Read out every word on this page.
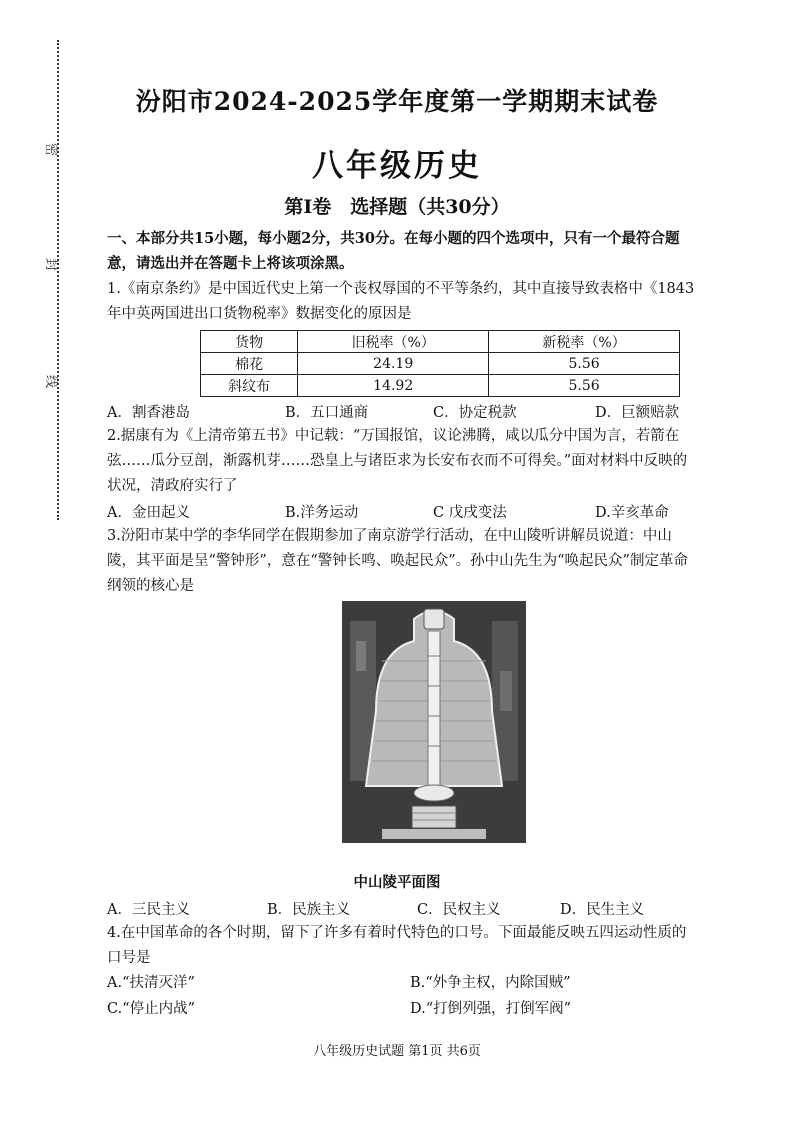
密
封
线
汾阳市2024-2025学年度第一学期期末试卷
八年级历史
第Ⅰ卷　选择题（共30分）
一、本部分共15小题，每小题2分，共30分。在每小题的四个选项中，只有一个最符合题意，请选出并在答题卡上将该项涂黑。
1.《南京条约》是中国近代史上第一个丧权辱国的不平等条约，其中直接导致表格中《1843年中英两国进出口货物税率》数据变化的原因是
货物	旧税率（%）	新税率（%）
棉花	24.19	5.56
斜纹布	14.92	5.56
A．割香港岛	B．五口通商	C．协定税款	D．巨额赔款
2.据康有为《上清帝第五书》中记载：“万国报馆，议论沸腾，咸以瓜分中国为言，若箭在弦……瓜分豆剖，渐露机芽……恐皇上与诸臣求为长安布衣而不可得矣。”面对材料中反映的状况，清政府实行了
A．金田起义	B.洋务运动	C 戊戌变法	D.辛亥革命
3.汾阳市某中学的李华同学在假期参加了南京游学行活动，在中山陵听讲解员说道：中山陵，其平面是呈“警钟形”，意在“警钟长鸣、唤起民众”。孙中山先生为“唤起民众”制定革命纲领的核心是
中山陵平面图
A．三民主义	B．民族主义	C．民权主义	D．民生主义
4.在中国革命的各个时期，留下了许多有着时代特色的口号。下面最能反映五四运动性质的口号是
A.“扶清灭洋”	B.“外争主权，内除国贼”
C.“停止内战”	D.“打倒列强，打倒军阀”
八年级历史试题 第1页 共6页
